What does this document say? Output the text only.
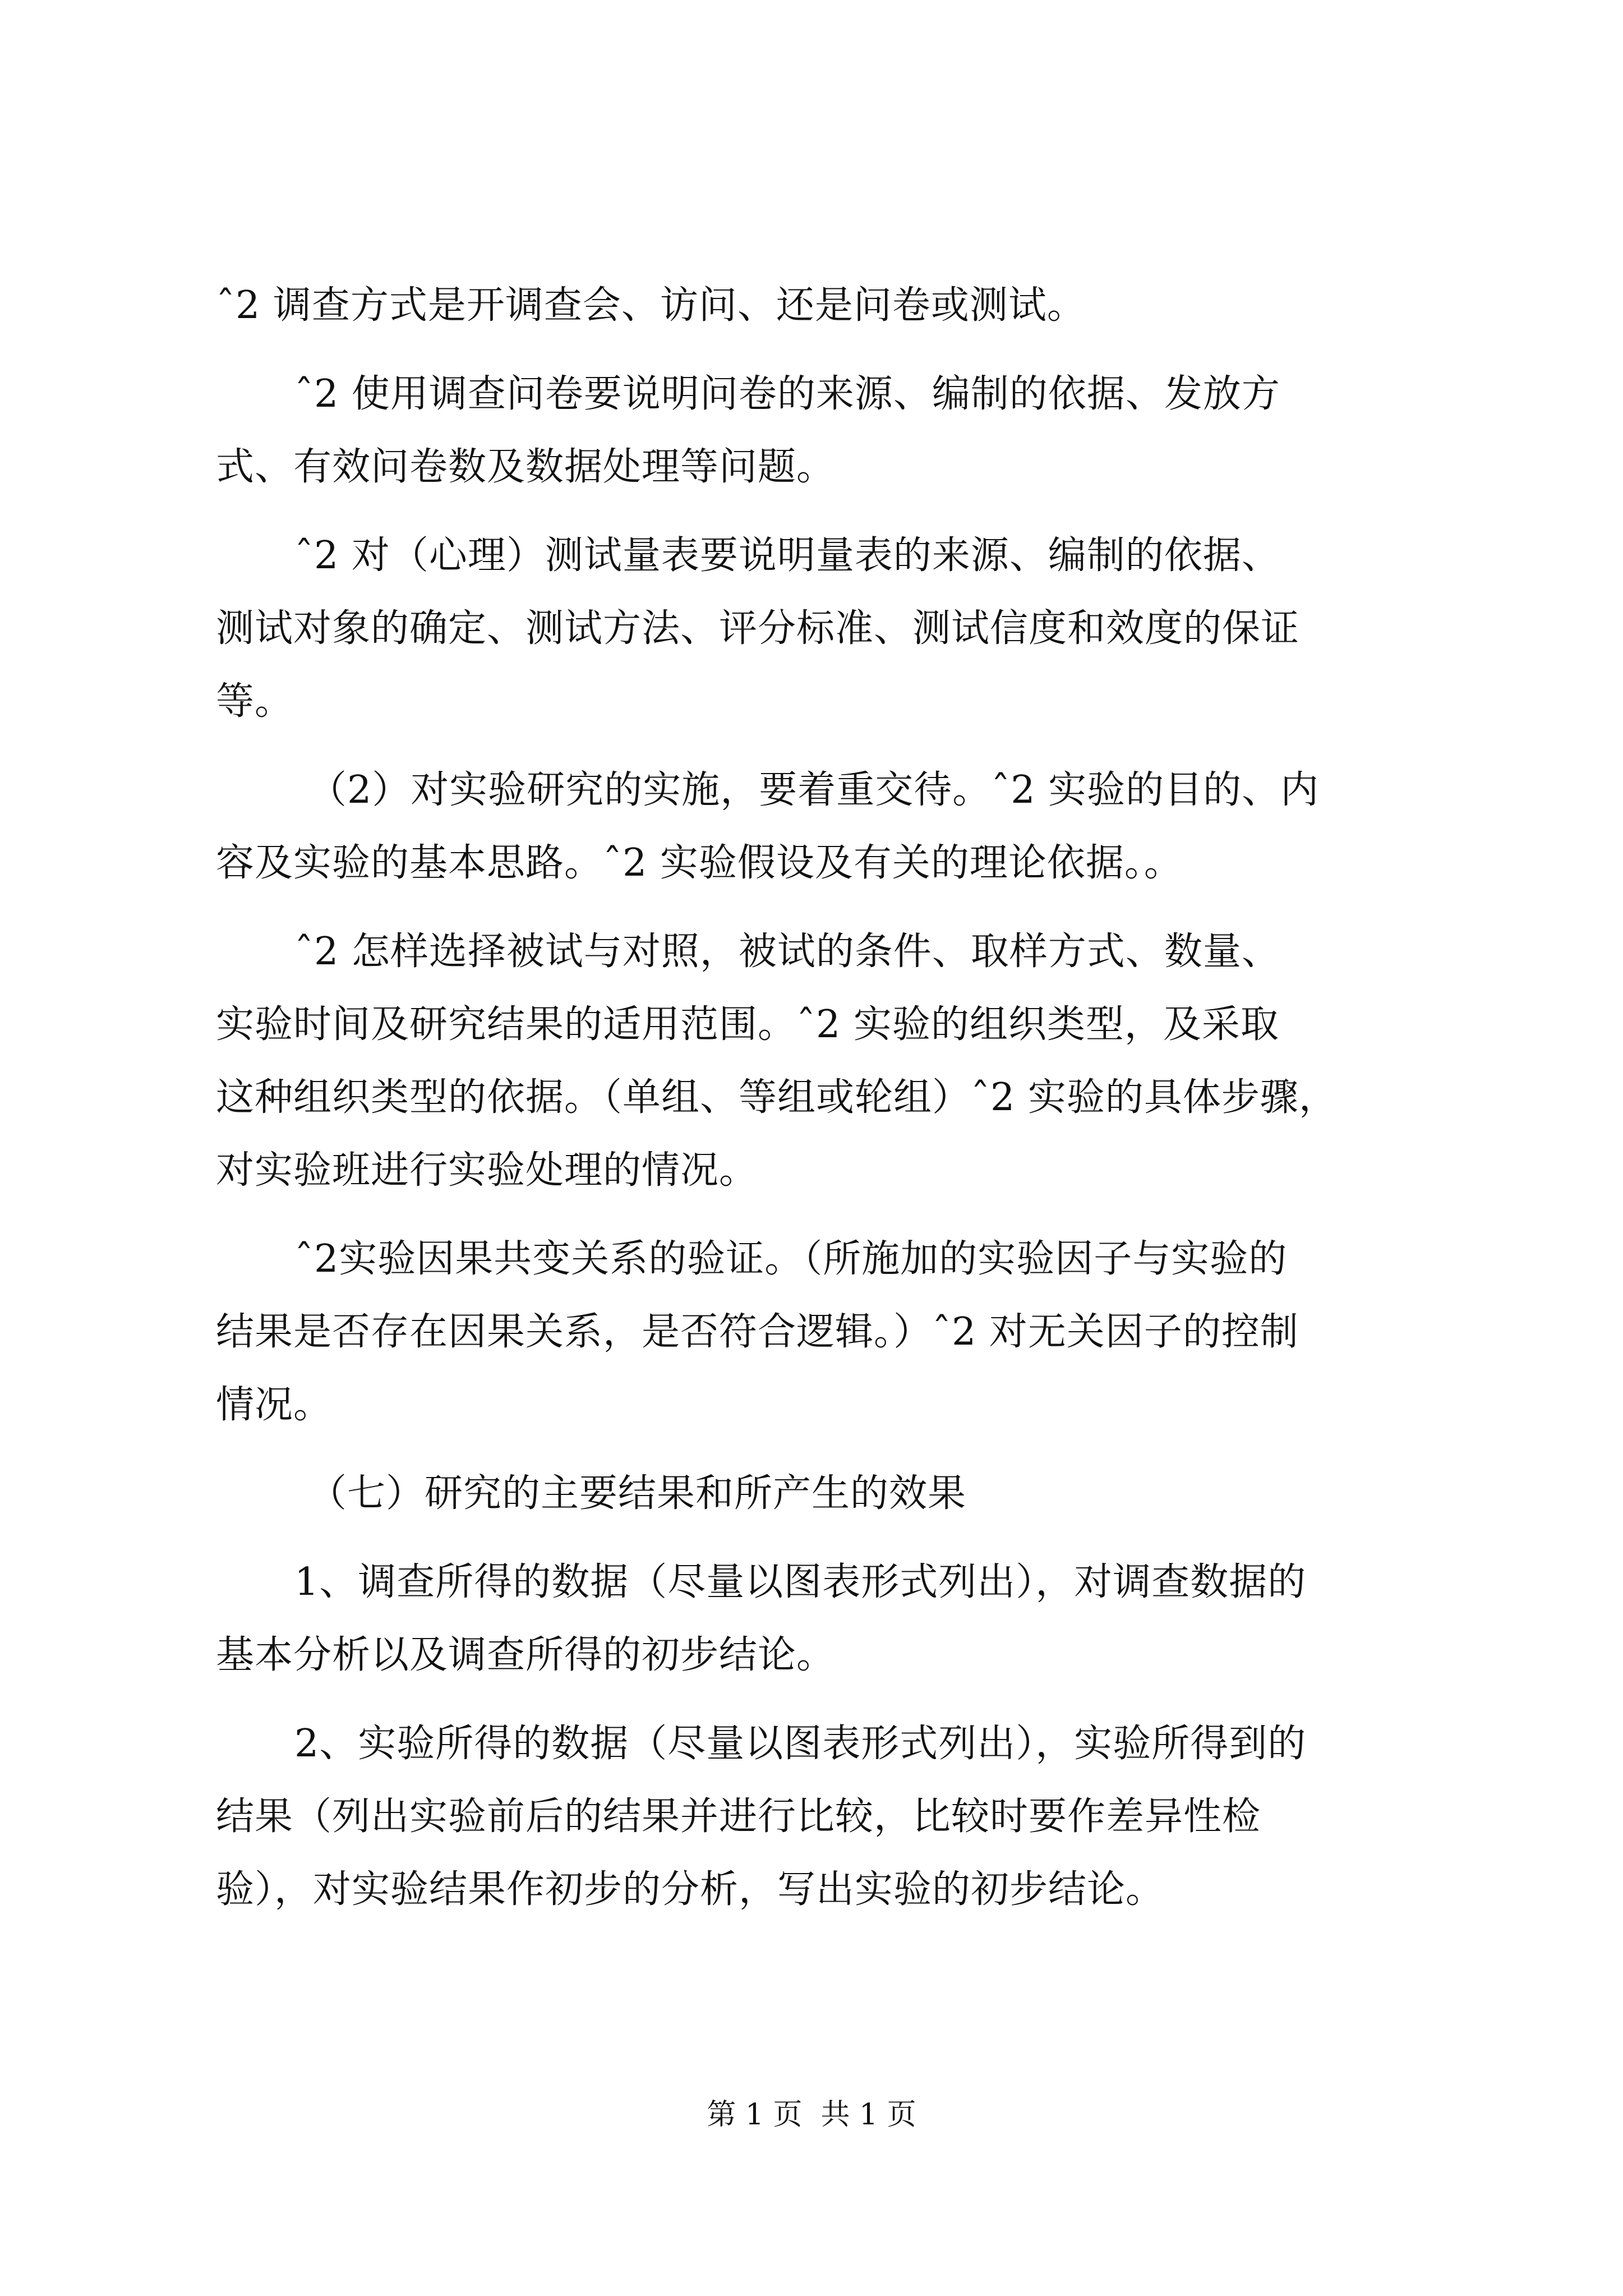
ˆ2 调查方式是开调查会、访问、还是问卷或测试。

ˆ2 使用调查问卷要说明问卷的来源、编制的依据、发放方
式、有效问卷数及数据处理等问题。

ˆ2 对（心理）测试量表要说明量表的来源、编制的依据、
测试对象的确定、测试方法、评分标准、测试信度和效度的保证
等。

（2）对实验研究的实施，要着重交待。ˆ2 实验的目的、内
容及实验的基本思路。ˆ2 实验假设及有关的理论依据。。

ˆ2 怎样选择被试与对照，被试的条件、取样方式、数量、
实验时间及研究结果的适用范围。ˆ2 实验的组织类型，及采取
这种组织类型的依据。（单组、等组或轮组）ˆ2 实验的具体步骤，
对实验班进行实验处理的情况。

ˆ2实验因果共变关系的验证。（所施加的实验因子与实验的
结果是否存在因果关系，是否符合逻辑。）ˆ2 对无关因子的控制
情况。

（七）研究的主要结果和所产生的效果

1、调查所得的数据（尽量以图表形式列出），对调查数据的
基本分析以及调查所得的初步结论。

2、实验所得的数据（尽量以图表形式列出），实验所得到的
结果（列出实验前后的结果并进行比较，比较时要作差异性检
验），对实验结果作初步的分析，写出实验的初步结论。

第 1 页  共 1 页
